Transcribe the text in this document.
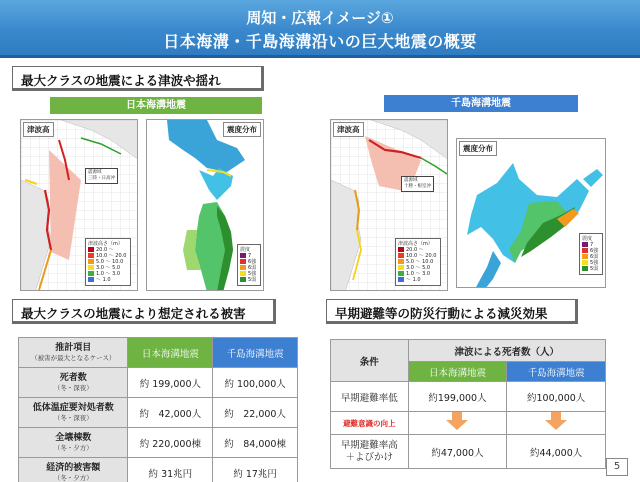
周知・広報イメージ①
日本海溝・千島海溝沿いの巨大地震の概要
最大クラスの地震による津波や揺れ
日本海溝地震	千島海溝地震
津波高
震源域
三陸・日高沖
津波高さ（m）
20.0 ～
10.0 ～ 20.0
5.0 ～ 10.0
3.0 ～ 5.0
1.0 ～ 3.0
～ 1.0
震度分布
震度
7
6強
6弱
5強
5弱
津波高
震源域
十勝・根室沖
津波高さ（m）
20.0 ～
10.0 ～ 20.0
5.0 ～ 10.0
3.0 ～ 5.0
1.0 ～ 3.0
～ 1.0
震度分布
震度
7
6強
6弱
5強
5弱
最大クラスの地震により想定される被害
推計項目
（被害が最大となるケース）	日本海溝地震	千島海溝地震

死者数
（冬・深夜）	約 199,000人	約 100,000人

低体温症要対処者数
（冬・深夜）	約　42,000人	約　22,000人

全壊棟数
（冬・夕方）	約 220,000棟	約　84,000棟

経済的被害額
（冬・夕方）	約 31兆円	約 17兆円
早期避難等の防災行動による減災効果
条件	津波による死者数（人）	
	日本海溝地震	千島海溝地震
早期避難率低	約199,000人	約100,000人
避難意識の向上		

早期避難率高
＋よびかけ	約47,000人	約44,000人
5
